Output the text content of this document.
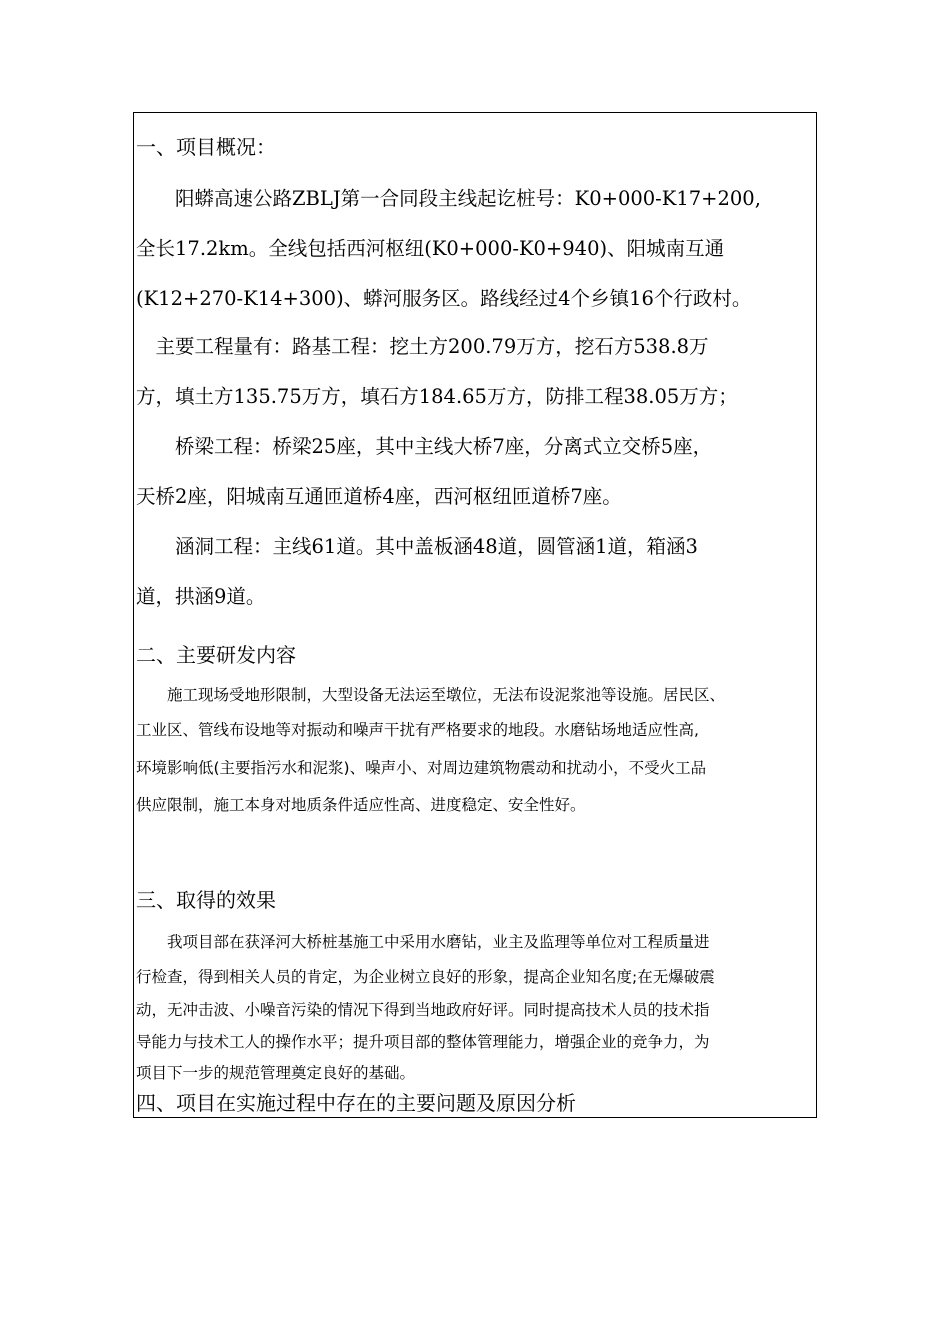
一、项目概况：
　　阳蟒高速公路ZBLJ第一合同段主线起讫桩号：K0+000-K17+200,
全长17.2km。全线包括西河枢纽(K0+000-K0+940)、阳城南互通
(K12+270-K14+300)、蟒河服务区。路线经过4个乡镇16个行政村。
　主要工程量有：路基工程：挖土方200.79万方，挖石方538.8万
方，填土方135.75万方，填石方184.65万方，防排工程38.05万方；
　　桥梁工程：桥梁25座，其中主线大桥7座，分离式立交桥5座，
天桥2座，阳城南互通匝道桥4座，西河枢纽匝道桥7座。
　　涵洞工程：主线61道。其中盖板涵48道，圆管涵1道，箱涵3
道，拱涵9道。
二、主要研发内容
　　施工现场受地形限制，大型设备无法运至墩位，无法布设泥浆池等设施。居民区、
工业区、管线布设地等对振动和噪声干扰有严格要求的地段。水磨钻场地适应性高,
环境影响低(主要指污水和泥浆)、噪声小、对周边建筑物震动和扰动小，不受火工品
供应限制，施工本身对地质条件适应性高、进度稳定、安全性好。
三、取得的效果
　　我项目部在获泽河大桥桩基施工中采用水磨钻，业主及监理等单位对工程质量进
行检查，得到相关人员的肯定，为企业树立良好的形象，提高企业知名度;在无爆破震
动，无冲击波、小噪音污染的情况下得到当地政府好评。同时提高技术人员的技术指
导能力与技术工人的操作水平；提升项目部的整体管理能力，增强企业的竞争力，为
项目下一步的规范管理奠定良好的基础。
四、项目在实施过程中存在的主要问题及原因分析
